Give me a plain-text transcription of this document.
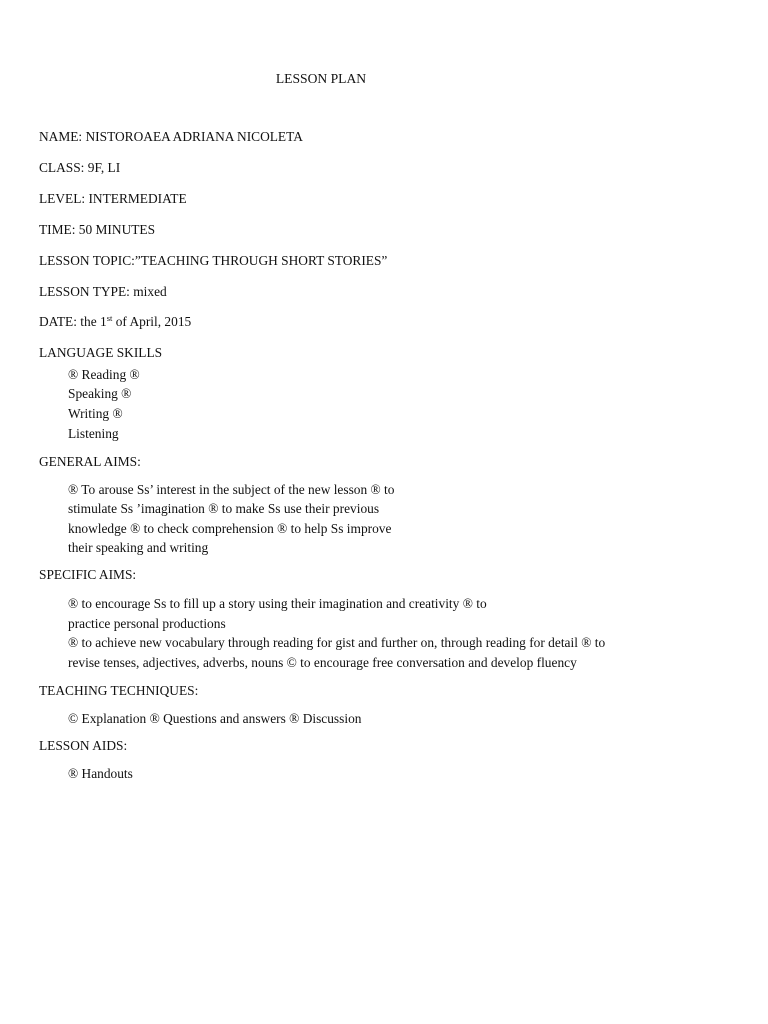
LESSON PLAN
NAME: NISTOROAEA ADRIANA NICOLETA
CLASS: 9F, LI
LEVEL: INTERMEDIATE
TIME: 50 MINUTES
LESSON TOPIC:”TEACHING THROUGH SHORT STORIES”
LESSON TYPE: mixed
DATE: the 1st of April, 2015
LANGUAGE SKILLS
® Reading ®
Speaking ®
Writing ®
Listening
GENERAL AIMS:
® To arouse Ss’ interest in the subject of the new lesson ® to
stimulate Ss ’imagination ® to make Ss use their previous
knowledge ® to check comprehension ® to help Ss improve
their speaking and writing
SPECIFIC AIMS:
® to encourage Ss to fill up a story using their imagination and creativity ® to
practice personal productions
® to achieve new vocabulary through reading for gist and further on, through reading for detail ® to
revise tenses, adjectives, adverbs, nouns © to encourage free conversation and develop fluency
TEACHING TECHNIQUES:
© Explanation ® Questions and answers ® Discussion
LESSON AIDS:
® Handouts
